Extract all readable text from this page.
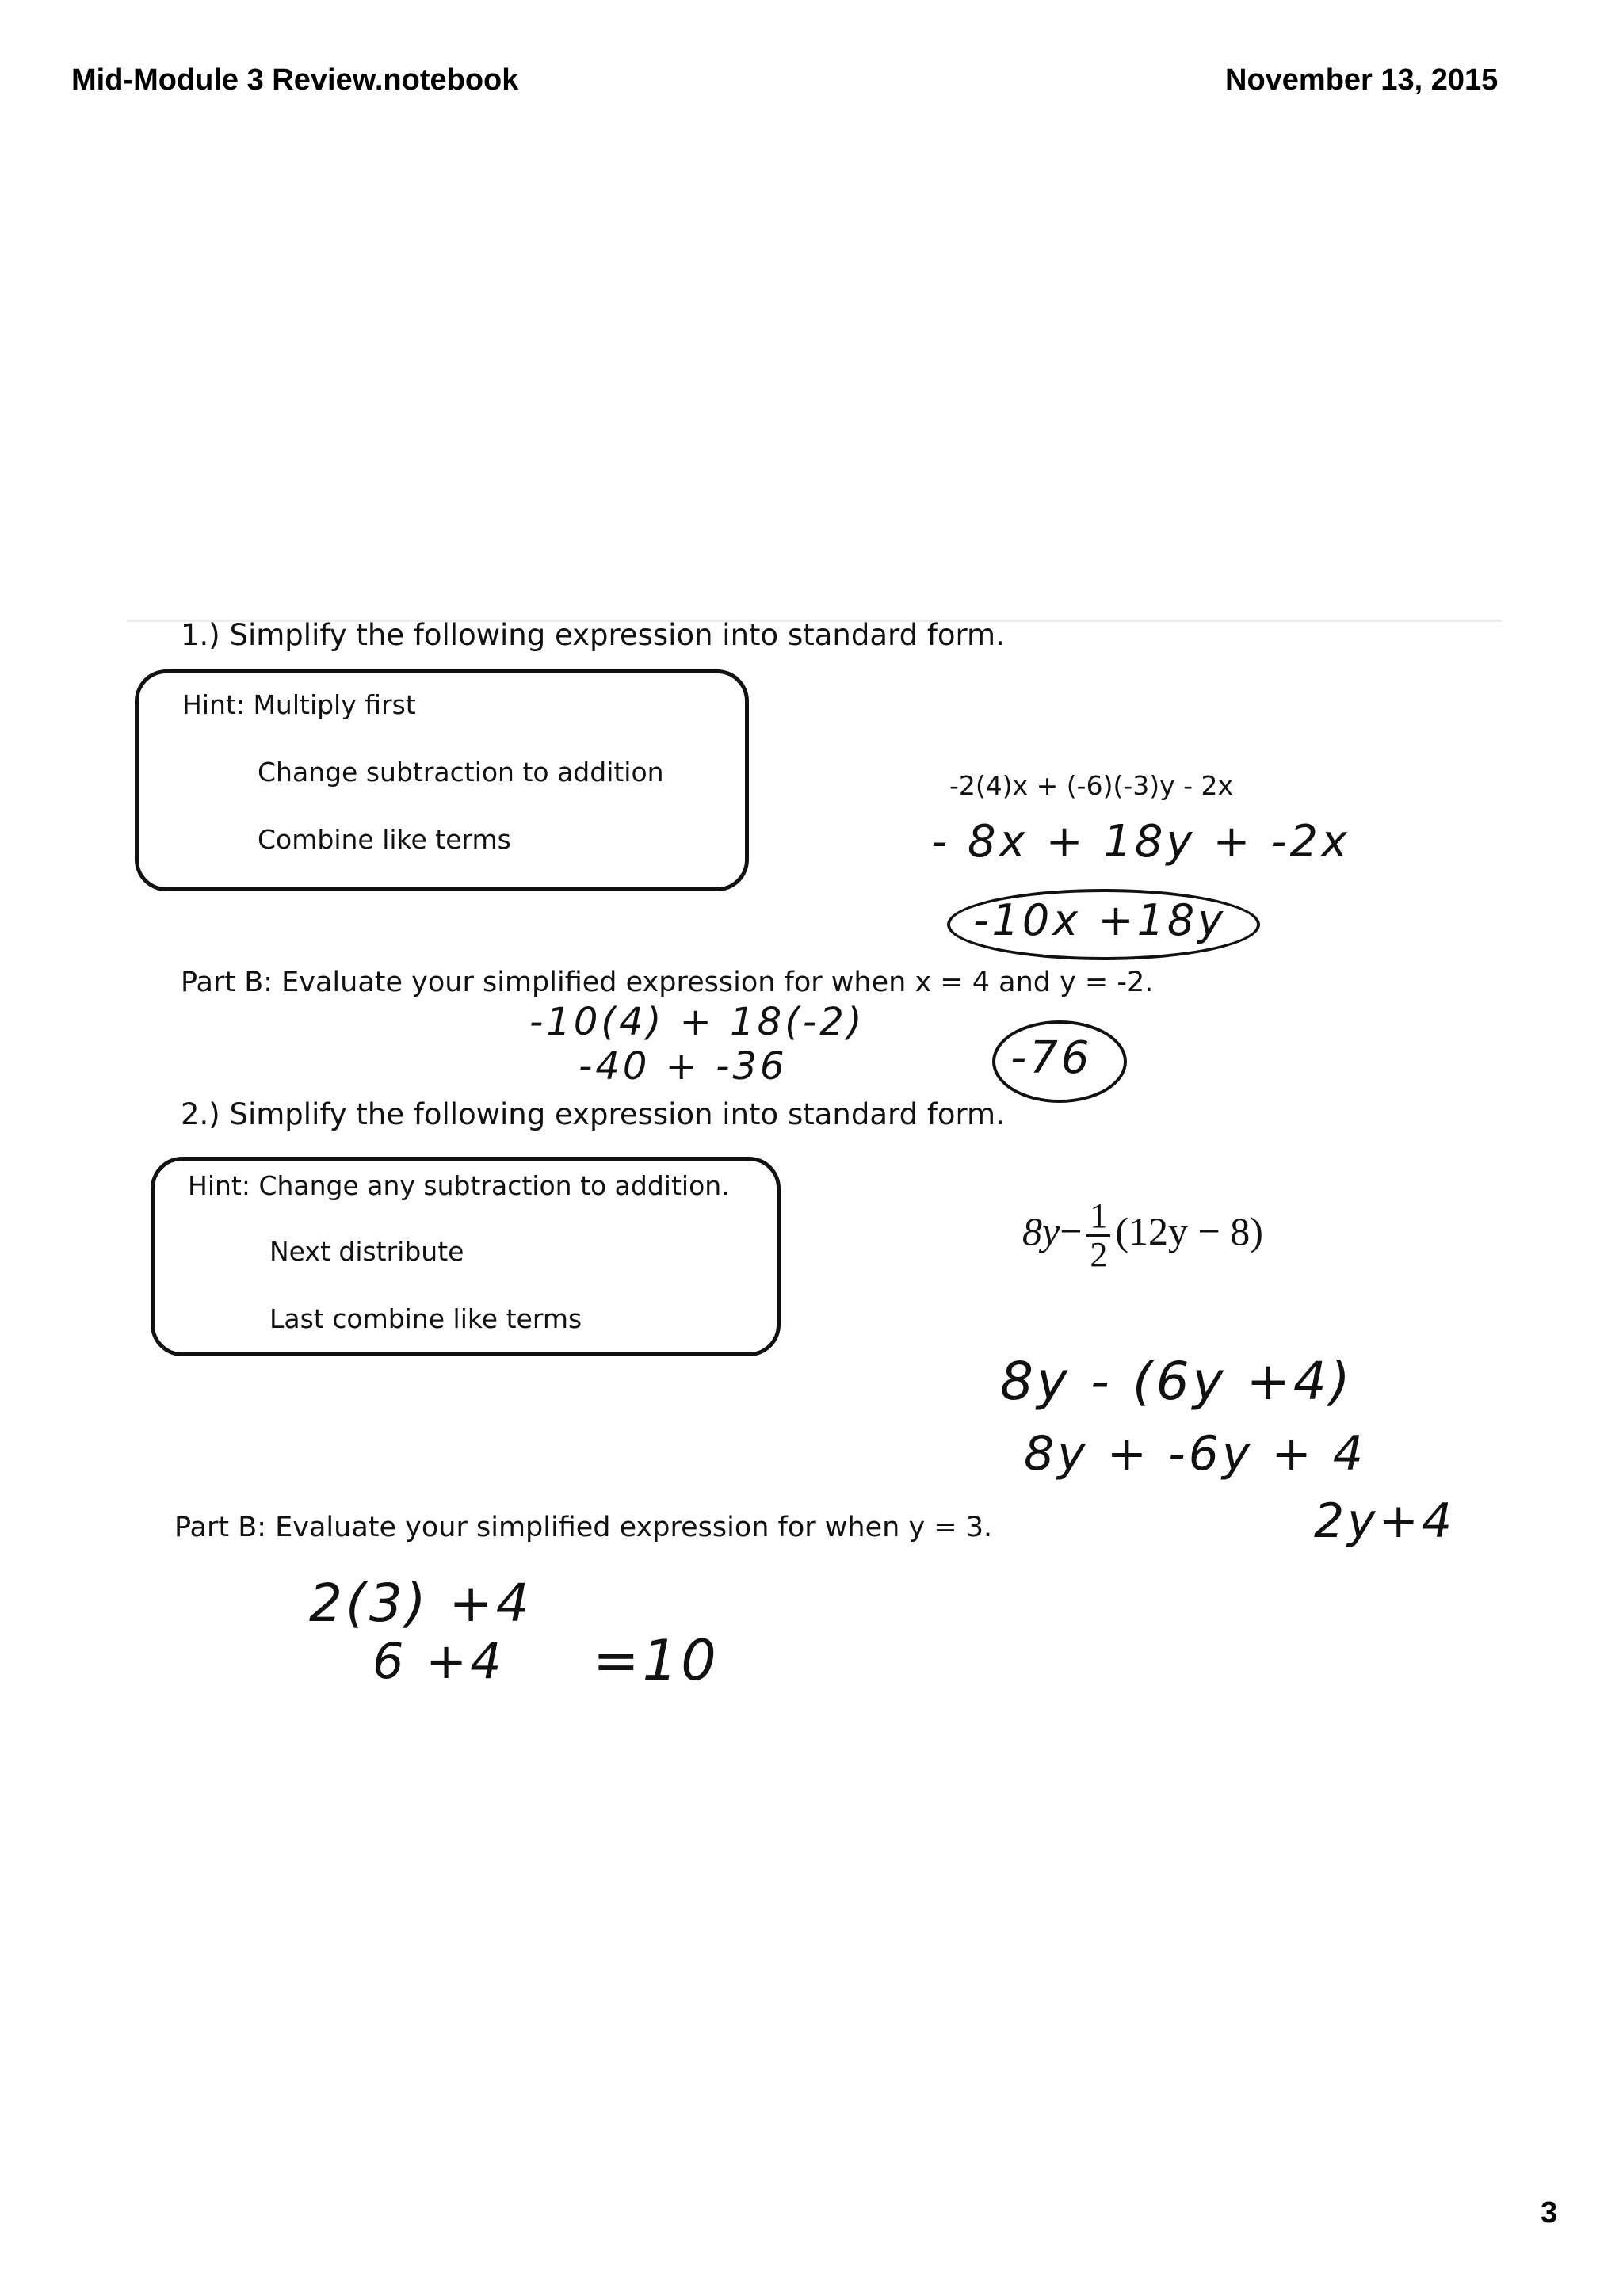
Mid-Module 3 Review.notebook	November 13, 2015
1.) Simplify the following expression into standard form.
Hint: Multiply first
Change subtraction to addition
Combine like terms
-2(4)x + (-6)(-3)y - 2x
- 8x + 18y + -2x
-10x +18y
Part B: Evaluate your simplified expression for when x = 4 and y = -2.
-10(4) + 18(-2)
-40 + -36	-76
2.) Simplify the following expression into standard form.
Hint: Change any subtraction to addition.
Next distribute
Last combine like terms
$8y- \frac{1}{2} (12y - 8)$
8y - (6y +4)
8y + -6y + 4
2y+4
Part B: Evaluate your simplified expression for when y = 3.
2(3) +4
6 +4 =10
3
